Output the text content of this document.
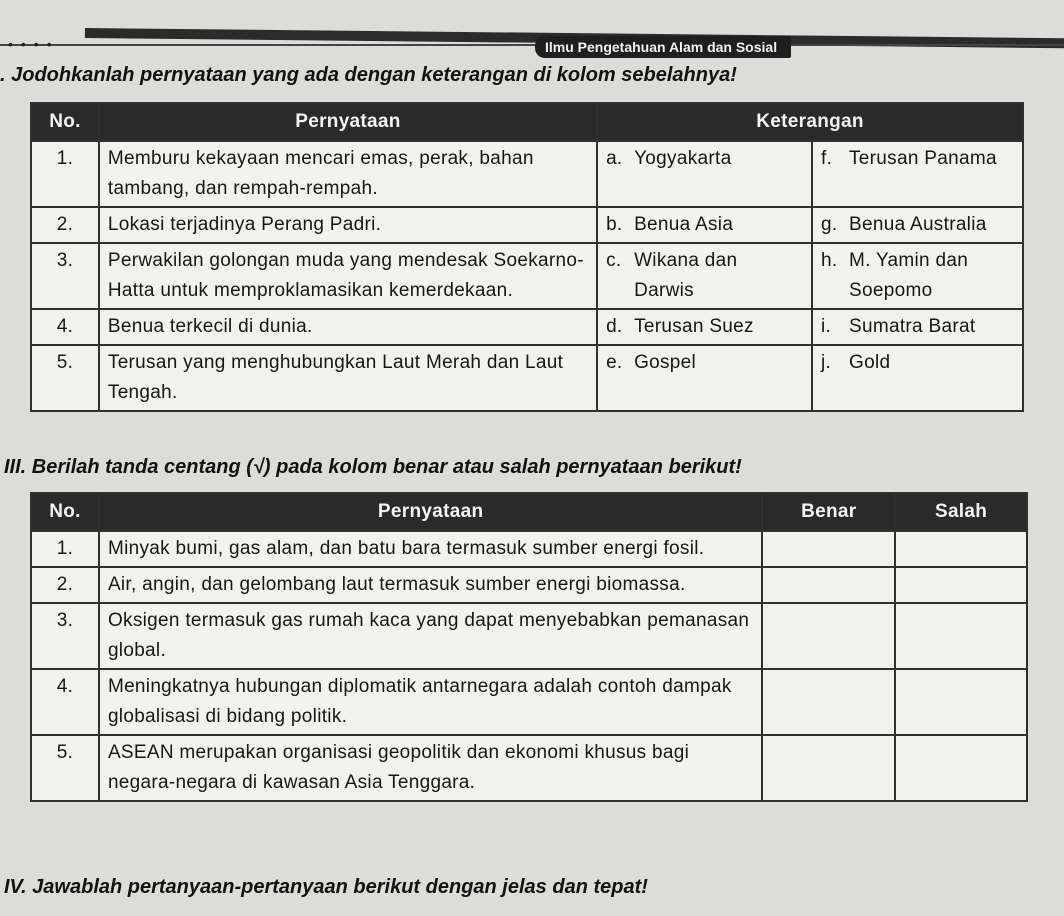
••••	Ilmu Pengetahuan Alam dan Sosial
. Jodohkanlah pernyataan yang ada dengan keterangan di kolom sebelahnya!
No.	Pernyataan	Keterangan	
1.	Memburu kekayaan mencari emas, perak, bahan tambang, dan rempah-rempah.	a. Yogyakarta	f. Terusan Panama
2.	Lokasi terjadinya Perang Padri.	b. Benua Asia	g. Benua Australia
3.	Perwakilan golongan muda yang mendesak Soekarno-Hatta untuk memproklamasikan kemerdekaan.	c. Wikana dan Darwis	h. M. Yamin dan Soepomo
4.	Benua terkecil di dunia.	d. Terusan Suez	i. Sumatra Barat
5.	Terusan yang menghubungkan Laut Merah dan Laut Tengah.	e. Gospel	j. Gold
III. Berilah tanda centang (√) pada kolom benar atau salah pernyataan berikut!
No.	Pernyataan	Benar	Salah
1.	Minyak bumi, gas alam, dan batu bara termasuk sumber energi fosil.		
2.	Air, angin, dan gelombang laut termasuk sumber energi biomassa.		
3.	Oksigen termasuk gas rumah kaca yang dapat menyebabkan pemanasan global.		
4.	Meningkatnya hubungan diplomatik antarnegara adalah contoh dampak globalisasi di bidang politik.		
5.	ASEAN merupakan organisasi geopolitik dan ekonomi khusus bagi negara-negara di kawasan Asia Tenggara.		
IV. Jawablah pertanyaan-pertanyaan berikut dengan jelas dan tepat!
